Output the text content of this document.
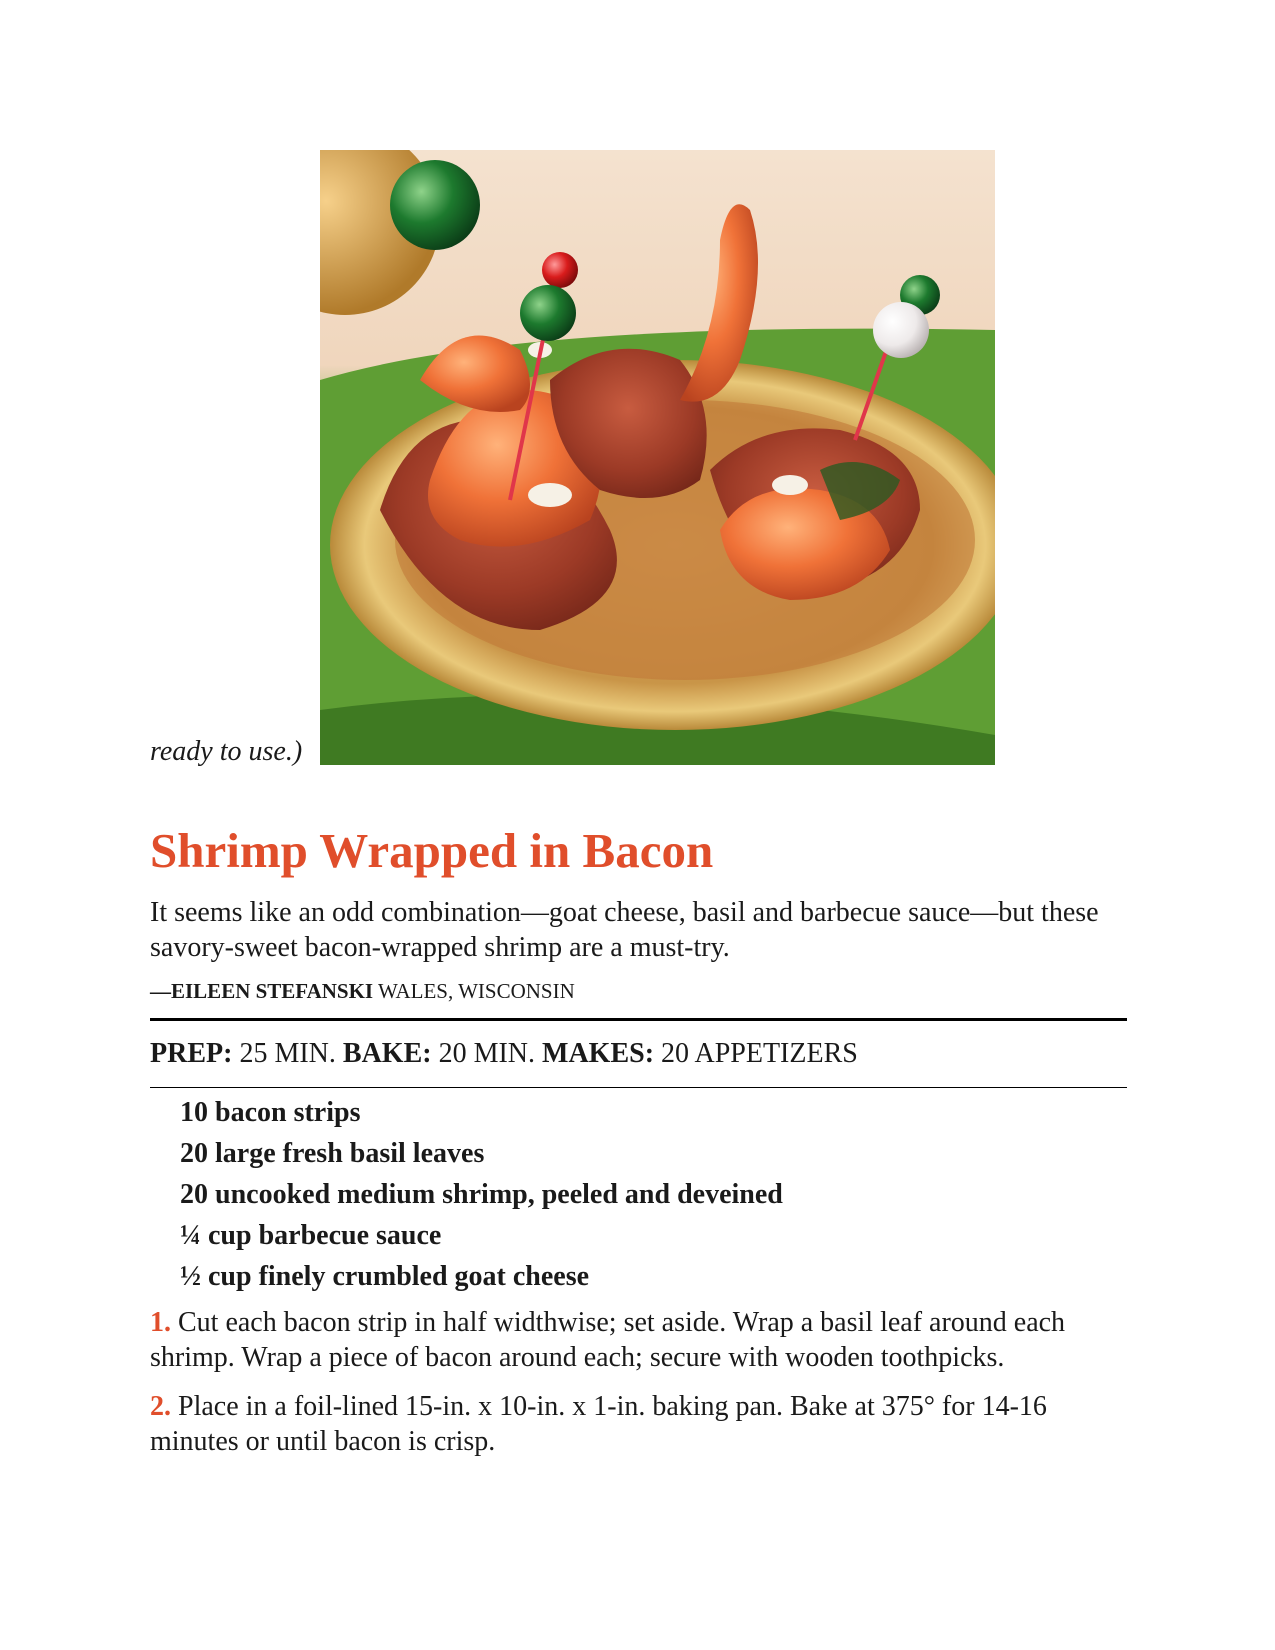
ready to use.)
Shrimp Wrapped in Bacon

It seems like an odd combination—goat cheese, basil and barbecue sauce—but these savory-sweet bacon-wrapped shrimp are a must-try.

—EILEEN STEFANSKI WALES, WISCONSIN

PREP: 25 MIN. BAKE: 20 MIN. MAKES: 20 APPETIZERS

10 bacon strips
20 large fresh basil leaves
20 uncooked medium shrimp, peeled and deveined
¼ cup barbecue sauce
½ cup finely crumbled goat cheese

1. Cut each bacon strip in half widthwise; set aside. Wrap a basil leaf around each shrimp. Wrap a piece of bacon around each; secure with wooden toothpicks.

2. Place in a foil-lined 15-in. x 10-in. x 1-in. baking pan. Bake at 375° for 14-16 minutes or until bacon is crisp.
